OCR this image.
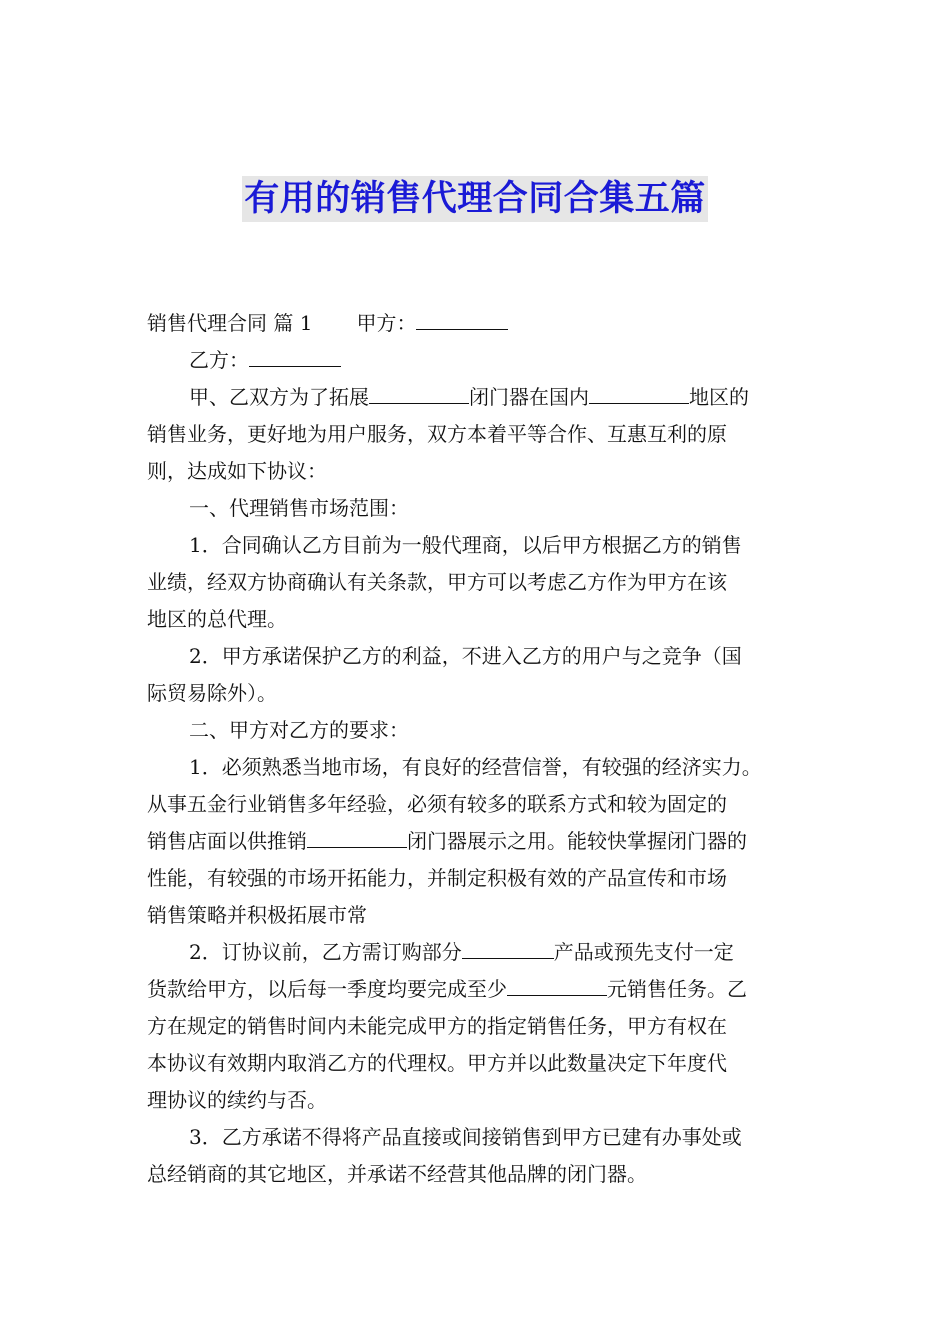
有用的销售代理合同合集五篇
销售代理合同 篇 1 甲方：
乙方：
甲、乙双方为了拓展	闭门器在国内	地区的
销售业务，更好地为用户服务，双方本着平等合作、互惠互利的原
则，达成如下协议：
一、代理销售市场范围：
1．合同确认乙方目前为一般代理商，以后甲方根据乙方的销售
业绩，经双方协商确认有关条款，甲方可以考虑乙方作为甲方在该
地区的总代理。
2．甲方承诺保护乙方的利益，不进入乙方的用户与之竞争（国
际贸易除外）。
二、甲方对乙方的要求：
1．必须熟悉当地市场，有良好的经营信誉，有较强的经济实力。
从事五金行业销售多年经验，必须有较多的联系方式和较为固定的
销售店面以供推销	闭门器展示之用。能较快掌握闭门器的
性能，有较强的市场开拓能力，并制定积极有效的产品宣传和市场
销售策略并积极拓展市常
2．订协议前，乙方需订购部分	产品或预先支付一定
货款给甲方，以后每一季度均要完成至少	元销售任务。乙
方在规定的销售时间内未能完成甲方的指定销售任务，甲方有权在
本协议有效期内取消乙方的代理权。甲方并以此数量决定下年度代
理协议的续约与否。
3．乙方承诺不得将产品直接或间接销售到甲方已建有办事处或
总经销商的其它地区，并承诺不经营其他品牌的闭门器。
